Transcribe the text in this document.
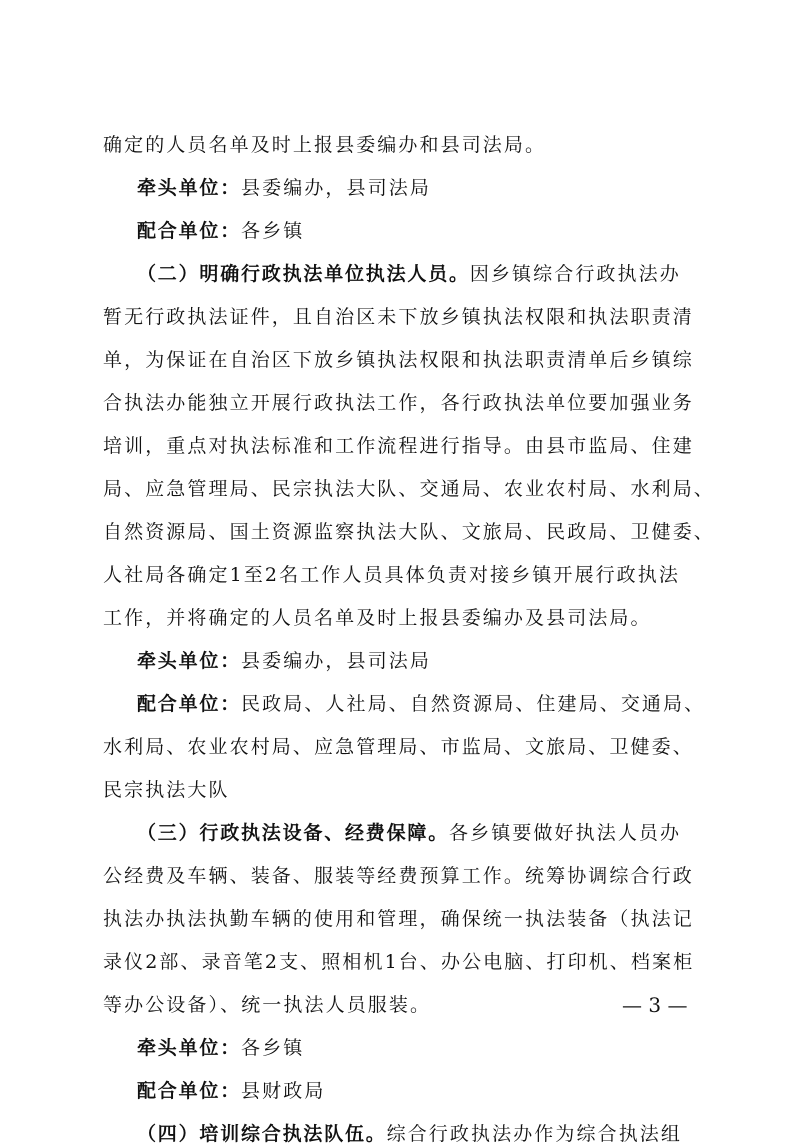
确定的人员名单及时上报县委编办和县司法局。
牵头单位：县委编办，县司法局
配合单位：各乡镇
（二）明确行政执法单位执法人员。因乡镇综合行政执法办
暂无行政执法证件，且自治区未下放乡镇执法权限和执法职责清
单，为保证在自治区下放乡镇执法权限和执法职责清单后乡镇综
合执法办能独立开展行政执法工作，各行政执法单位要加强业务
培训，重点对执法标准和工作流程进行指导。由县市监局、住建
局、应急管理局、民宗执法大队、交通局、农业农村局、水利局、
自然资源局、国土资源监察执法大队、文旅局、民政局、卫健委、
人社局各确定1至2名工作人员具体负责对接乡镇开展行政执法
工作，并将确定的人员名单及时上报县委编办及县司法局。
牵头单位：县委编办，县司法局
配合单位：民政局、人社局、自然资源局、住建局、交通局、
水利局、农业农村局、应急管理局、市监局、文旅局、卫健委、
民宗执法大队
（三）行政执法设备、经费保障。各乡镇要做好执法人员办
公经费及车辆、装备、服装等经费预算工作。统筹协调综合行政
执法办执法执勤车辆的使用和管理，确保统一执法装备（执法记
录仪2部、录音笔2支、照相机1台、办公电脑、打印机、档案柜
等办公设备）、统一执法人员服装。
牵头单位：各乡镇
配合单位：县财政局
（四）培训综合执法队伍。综合行政执法办作为综合执法组
— 3 —
